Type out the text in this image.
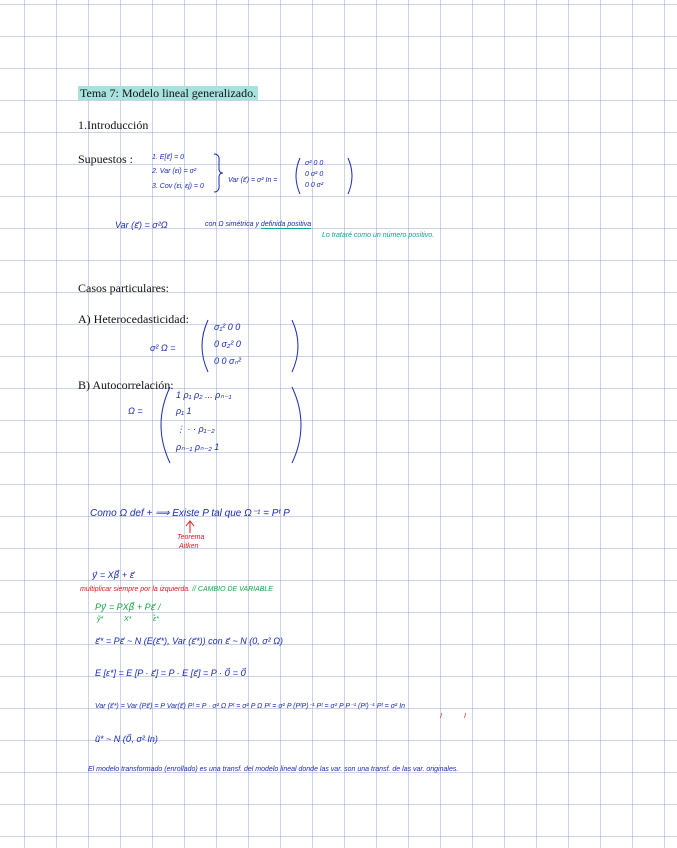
Tema 7: Modelo lineal generalizado.
1.Introducción
Supuestos :	1. E[ε⃗] = 0
2. Var (εi) = σ²
3. Cov (εi, εj) = 0
Var (ε⃗) = σ² In =
σ² 0 0
0 σ² 0
0 0 σ²
Var (ε⃗) = σ²Ω	con Ω simétrica y definida positiva
Lo trataré como un número positivo.
Casos particulares:
A) Heterocedasticidad:
σ² Ω =
σ₁² 0 0
0 σ₂² 0
0 0 σₙ²
B) Autocorrelación:
Ω =
1 ρ₁ ρ₂ ... ρₙ₋₁
ρ₁ 1
⋮ · · ρ₁₋₂
ρₙ₋₁ ρₙ₋₂ 1
Como Ω def + ⟹ Existe P tal que Ω⁻¹ = Pᵗ P
Teorema
Aitken
y⃗ = Xβ⃗ + ε⃗
multiplicar siempre por la izquierda. // CAMBIO DE VARIABLE
Py⃗ = PXβ⃗ + Pε⃗ /
ỹ*	X*	ε̃*
ε⃗* = Pε⃗ ~ N (E(ε⃗*), Var (ε⃗*)) con ε⃗ ~ N (0, σ² Ω)
E [ε*] = E [P · ε⃗] = P · E [ε⃗] = P · 0⃗ = 0⃗
Var (ε⃗*) = Var (Pε⃗) = P Var(ε⃗) Pᵗ = P · σ² Ω Pᵗ = σ² P Ω Pᵗ = σ² P (PᵗP)⁻¹ Pᵗ = σ² P P⁻¹ (Pᵗ)⁻¹ Pᵗ = σ² In
I	I
ũ* ~ N (0⃗, σ² In)
El modelo transformado (enrollado) es una transf. del modelo lineal donde las var. son una transf. de las var. originales.
